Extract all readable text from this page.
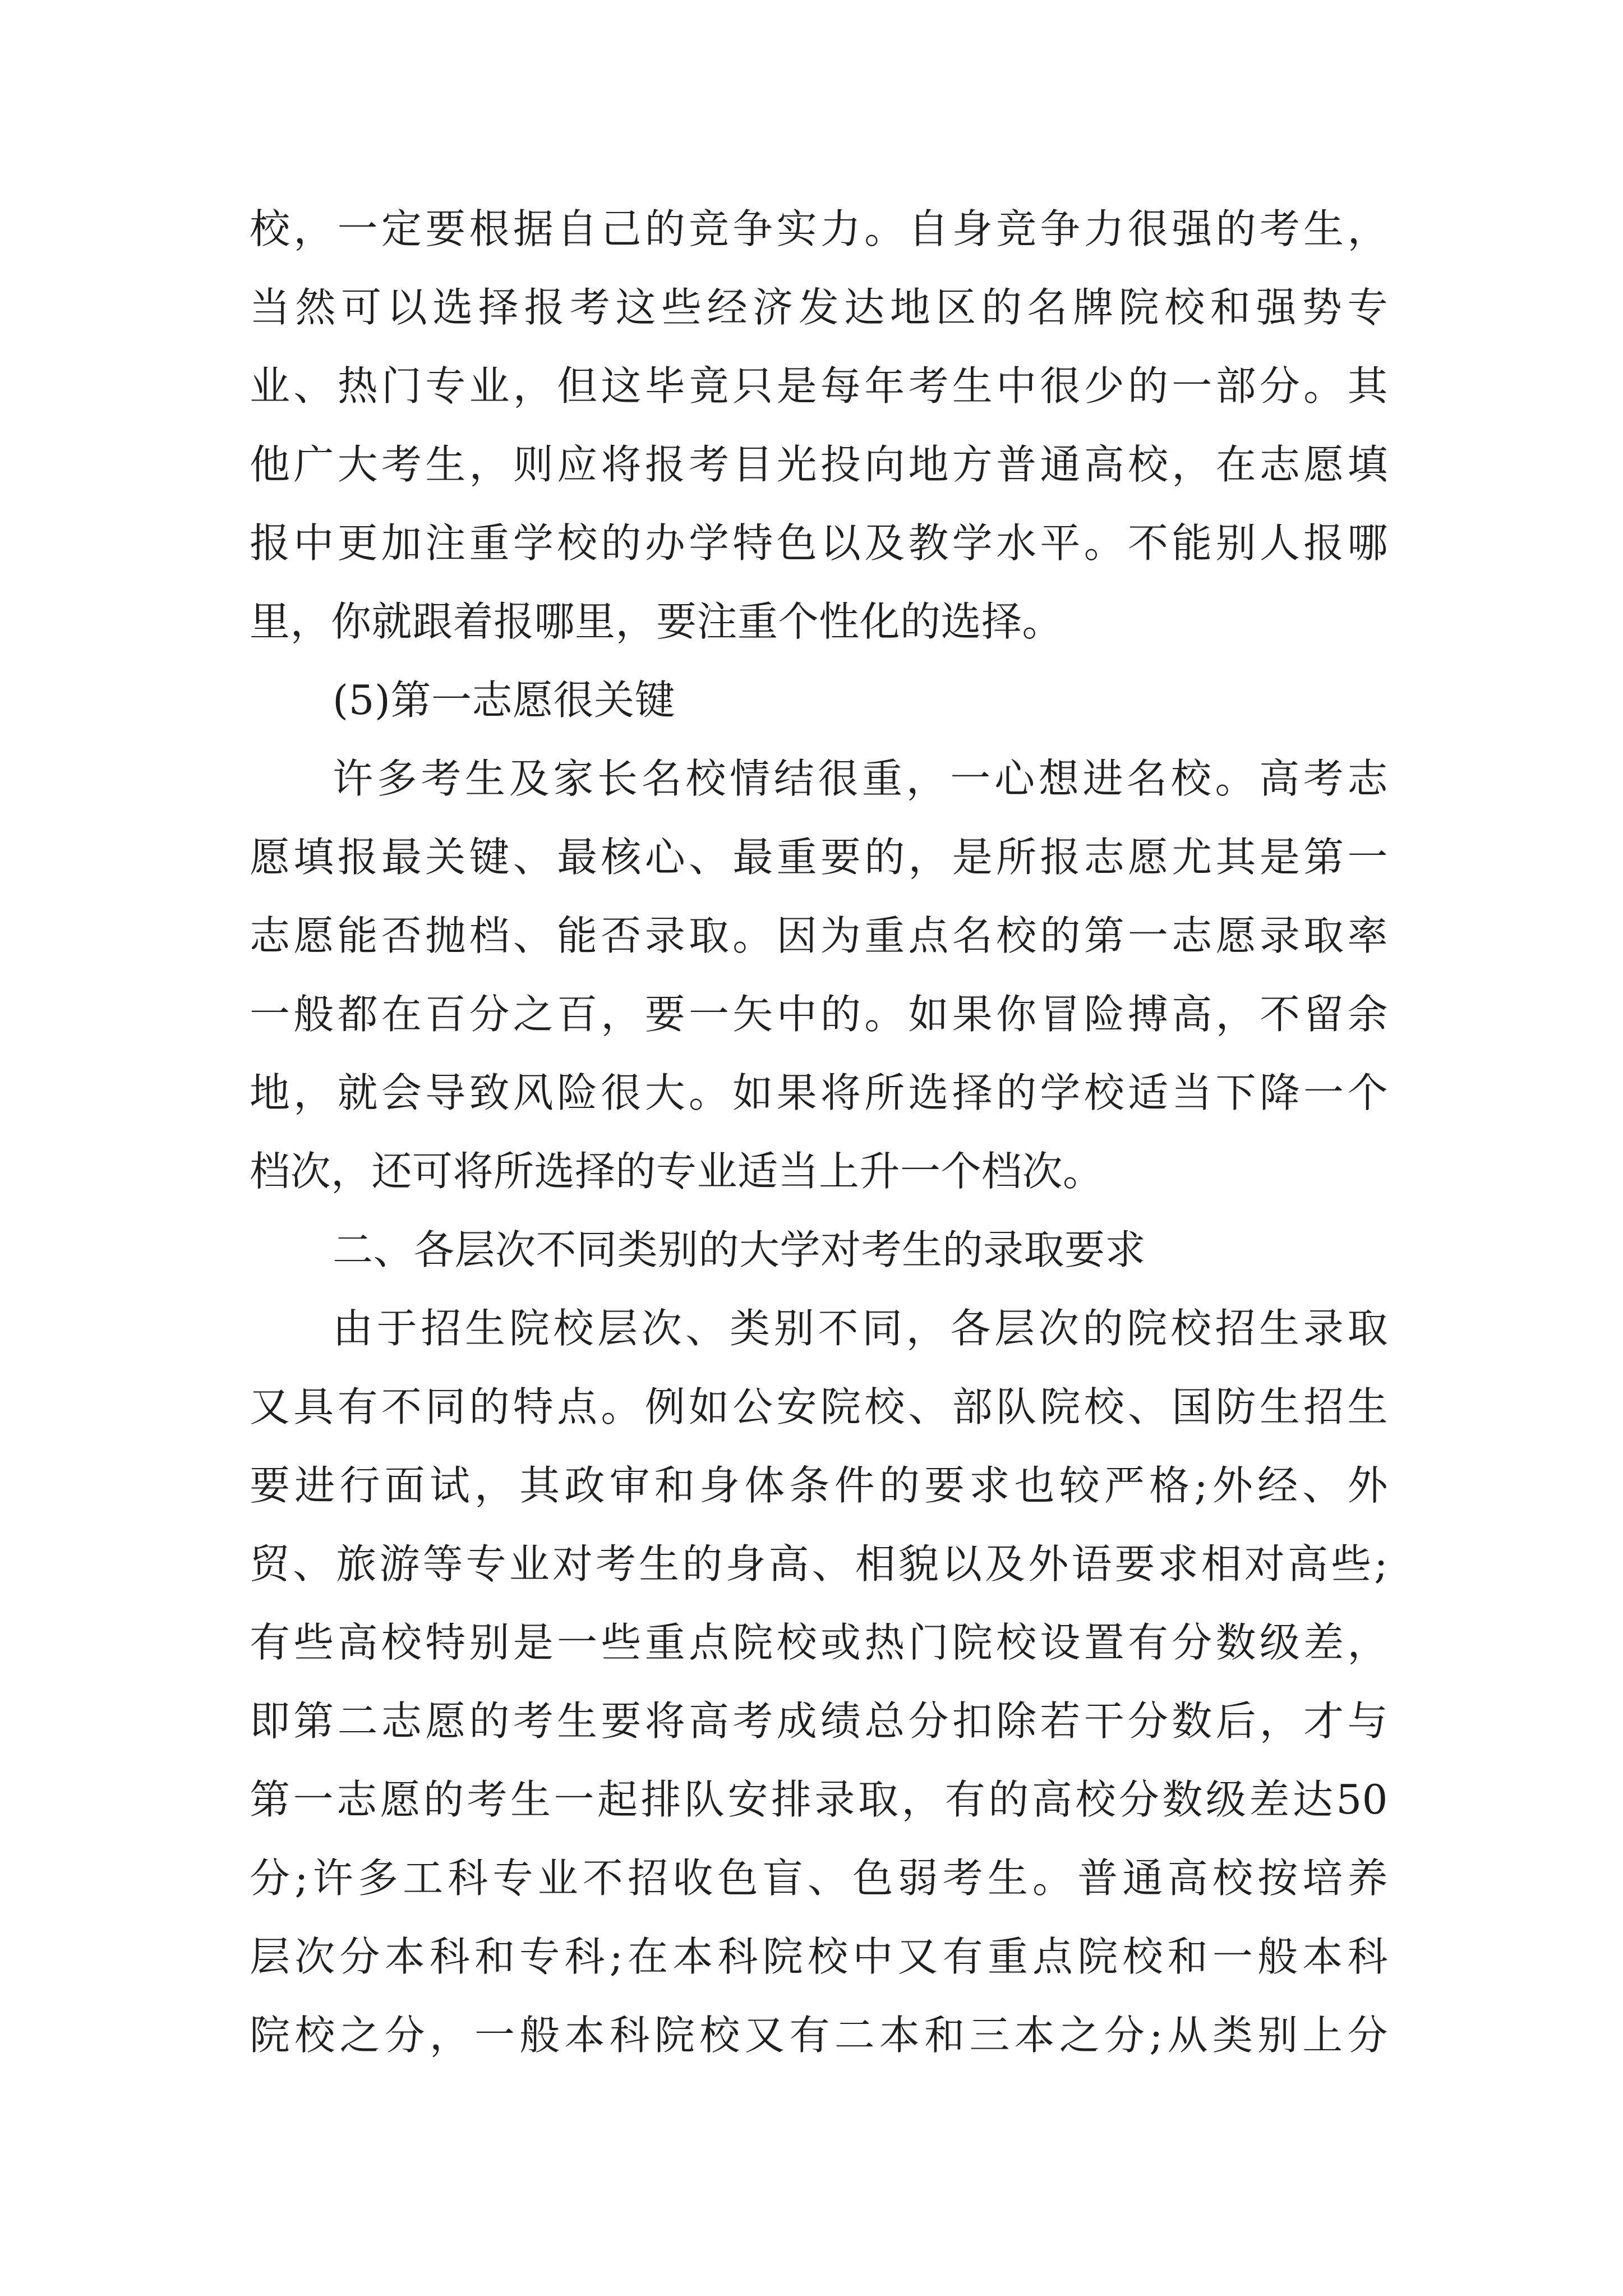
校，一定要根据自己的竞争实力。自身竞争力很强的考生，
当然可以选择报考这些经济发达地区的名牌院校和强势专
业、热门专业，但这毕竟只是每年考生中很少的一部分。其
他广大考生，则应将报考目光投向地方普通高校，在志愿填
报中更加注重学校的办学特色以及教学水平。不能别人报哪
里，你就跟着报哪里，要注重个性化的选择。
(5)第一志愿很关键
许多考生及家长名校情结很重，一心想进名校。高考志
愿填报最关键、最核心、最重要的，是所报志愿尤其是第一
志愿能否抛档、能否录取。因为重点名校的第一志愿录取率
一般都在百分之百，要一矢中的。如果你冒险搏高，不留余
地，就会导致风险很大。如果将所选择的学校适当下降一个
档次，还可将所选择的专业适当上升一个档次。
二、各层次不同类别的大学对考生的录取要求
由于招生院校层次、类别不同，各层次的院校招生录取
又具有不同的特点。例如公安院校、部队院校、国防生招生
要进行面试，其政审和身体条件的要求也较严格;外经、外
贸、旅游等专业对考生的身高、相貌以及外语要求相对高些;
有些高校特别是一些重点院校或热门院校设置有分数级差，
即第二志愿的考生要将高考成绩总分扣除若干分数后，才与
第一志愿的考生一起排队安排录取，有的高校分数级差达50
分;许多工科专业不招收色盲、色弱考生。普通高校按培养
层次分本科和专科;在本科院校中又有重点院校和一般本科
院校之分，一般本科院校又有二本和三本之分;从类别上分
